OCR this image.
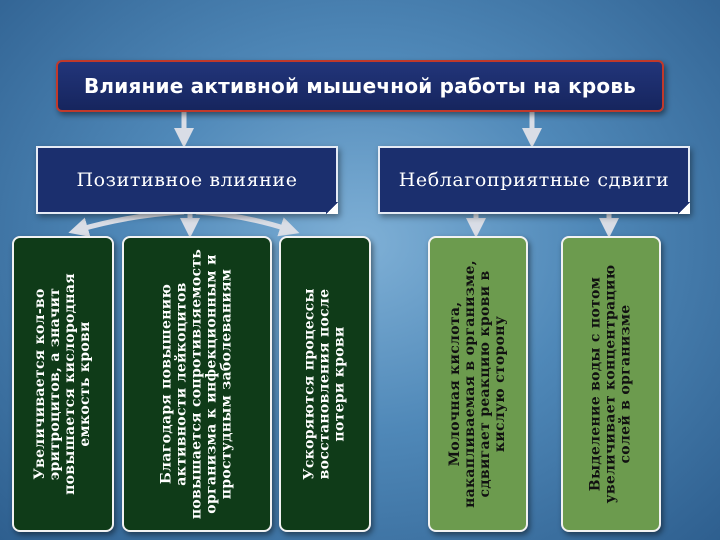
Влияние активной мышечной работы на кровь
Позитивное влияние	Неблагоприятные сдвиги
Увеличивается кол-во эритроцитов, а значит повышается кислородная емкость крови	Благодаря повышению активности лейкоцитов повышается сопротивляемость организма к инфекционным и простудным заболеваниям	Ускоряются процессы восстановления после потери крови	Молочная кислота, накапливаемая в организме, сдвигает реакцию крови в кислую сторону	Выделение воды с потом увеличивает концентрацию солей в организме
